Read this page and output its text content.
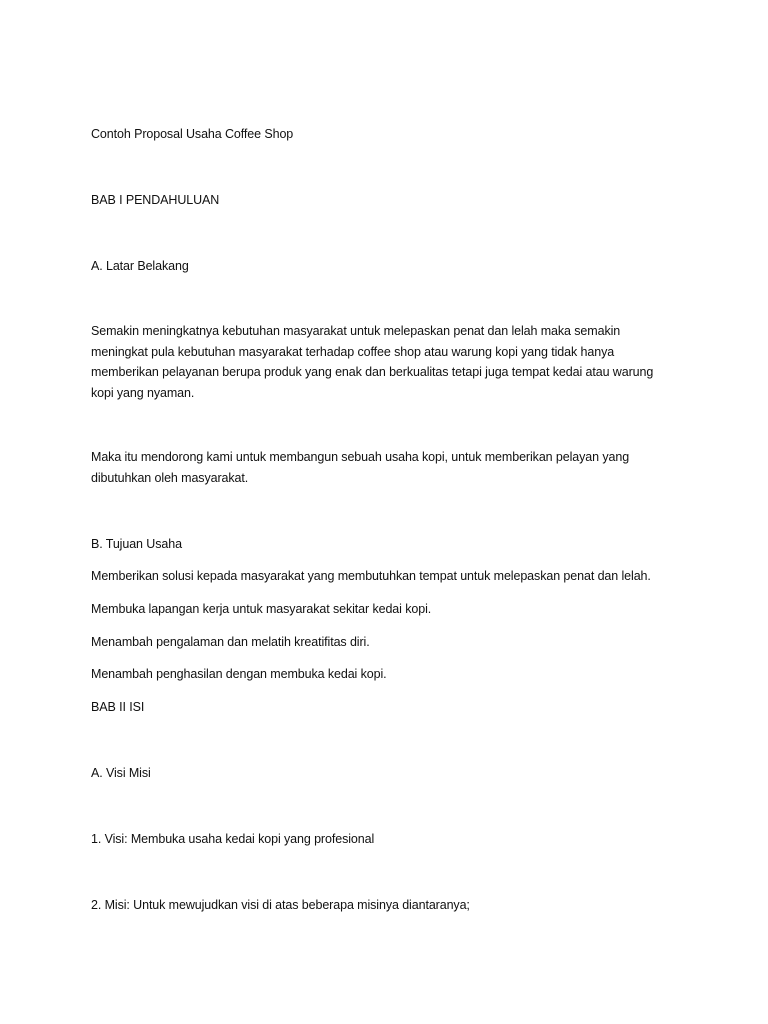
Contoh Proposal Usaha Coffee Shop

BAB I PENDAHULUAN

A. Latar Belakang

Semakin meningkatnya kebutuhan masyarakat untuk melepaskan penat dan lelah maka semakin
meningkat pula kebutuhan masyarakat terhadap coffee shop atau warung kopi yang tidak hanya
memberikan pelayanan berupa produk yang enak dan berkualitas tetapi juga tempat kedai atau warung
kopi yang nyaman.
Maka itu mendorong kami untuk membangun sebuah usaha kopi, untuk memberikan pelayan yang
dibutuhkan oleh masyarakat.

B. Tujuan Usaha

Memberikan solusi kepada masyarakat yang membutuhkan tempat untuk melepaskan penat dan lelah.

Membuka lapangan kerja untuk masyarakat sekitar kedai kopi.

Menambah pengalaman dan melatih kreatifitas diri.

Menambah penghasilan dengan membuka kedai kopi.

BAB II ISI

A. Visi Misi

1. Visi: Membuka usaha kedai kopi yang profesional

2. Misi: Untuk mewujudkan visi di atas beberapa misinya diantaranya;
